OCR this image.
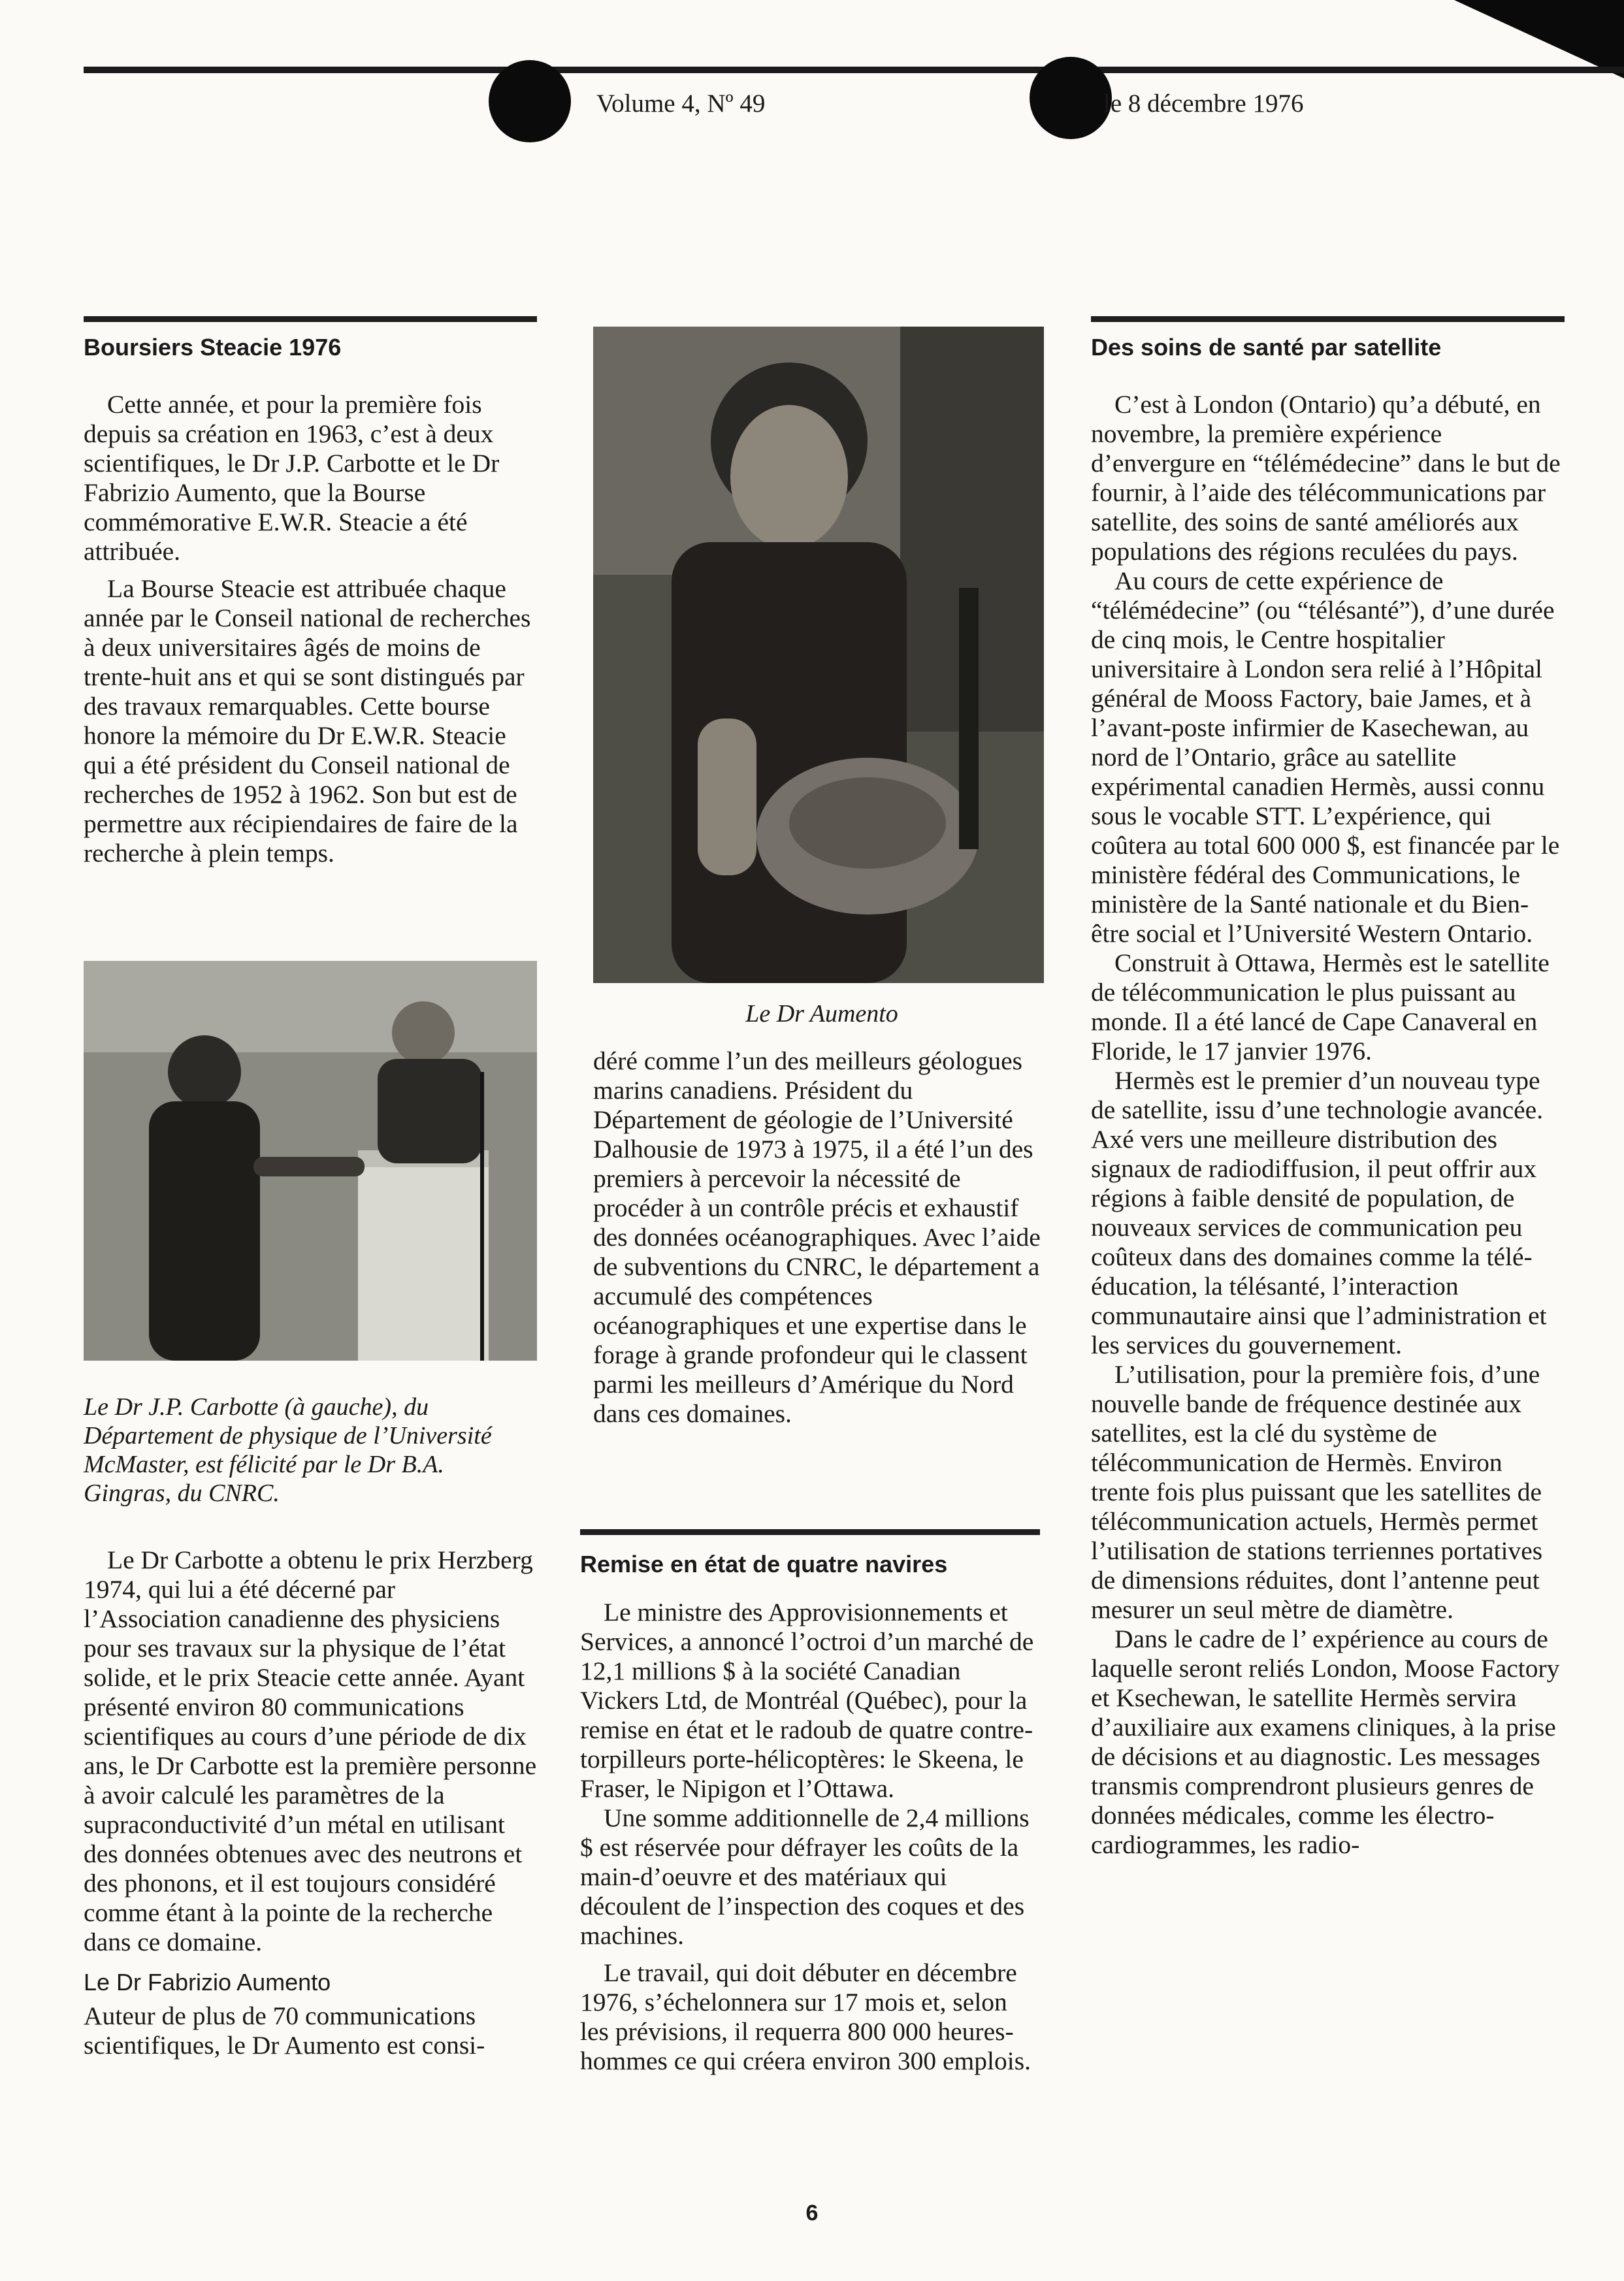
Volume 4, Nº 49	le 8 décembre 1976
Boursiers Steacie 1976

Cette année, et pour la première fois depuis sa création en 1963, c’est à deux scientifiques, le Dr J.P. Carbotte et le Dr Fabrizio Aumento, que la Bourse commémorative E.W.R. Steacie a été attribuée.

La Bourse Steacie est attribuée chaque année par le Conseil national de recherches à deux universitaires âgés de moins de trente-huit ans et qui se sont distingués par des travaux remarquables. Cette bourse honore la mémoire du Dr E.W.R. Steacie qui a été président du Conseil national de recherches de 1952 à 1962. Son but est de permettre aux récipiendaires de faire de la recherche à plein temps.

Le Dr J.P. Carbotte (à gauche), du Département de physique de l’Université McMaster, est félicité par le Dr B.A. Gingras, du CNRC.

Le Dr Carbotte a obtenu le prix Herzberg 1974, qui lui a été décerné par l’Association canadienne des physiciens pour ses travaux sur la physique de l’état solide, et le prix Steacie cette année. Ayant présenté environ 80 communications scientifiques au cours d’une période de dix ans, le Dr Carbotte est la première personne à avoir calculé les paramètres de la supraconductivité d’un métal en utilisant des données obtenues avec des neutrons et des phonons, et il est toujours considéré comme étant à la pointe de la recherche dans ce domaine.

Le Dr Fabrizio Aumento

Auteur de plus de 70 communications scientifiques, le Dr Aumento est consi-

Le Dr Aumento

déré comme l’un des meilleurs géologues marins canadiens. Président du Département de géologie de l’Université Dalhousie de 1973 à 1975, il a été l’un des premiers à percevoir la nécessité de procéder à un contrôle précis et exhaustif des données océanographiques. Avec l’aide de subventions du CNRC, le département a accumulé des compétences océanographiques et une expertise dans le forage à grande profondeur qui le classent parmi les meilleurs d’Amérique du Nord dans ces domaines.

Remise en état de quatre navires

Le ministre des Approvisionnements et Services, a annoncé l’octroi d’un marché de 12,1 millions $ à la société Canadian Vickers Ltd, de Montréal (Québec), pour la remise en état et le radoub de quatre contre-torpilleurs porte-hélicoptères: le Skeena, le Fraser, le Nipigon et l’Ottawa.

Une somme additionnelle de 2,4 millions $ est réservée pour défrayer les coûts de la main-d’oeuvre et des matériaux qui découlent de l’inspection des coques et des machines.

Le travail, qui doit débuter en décembre 1976, s’échelonnera sur 17 mois et, selon les prévisions, il requerra 800 000 heures-hommes ce qui créera environ 300 emplois.

Des soins de santé par satellite

C’est à London (Ontario) qu’a débuté, en novembre, la première expérience d’envergure en “télémédecine” dans le but de fournir, à l’aide des télécommunications par satellite, des soins de santé améliorés aux populations des régions reculées du pays.

Au cours de cette expérience de “télémédecine” (ou “télésanté”), d’une durée de cinq mois, le Centre hospitalier universitaire à London sera relié à l’Hôpital général de Mooss Factory, baie James, et à l’avant-poste infirmier de Kasechewan, au nord de l’Ontario, grâce au satellite expérimental canadien Hermès, aussi connu sous le vocable STT. L’expérience, qui coûtera au total 600 000 $, est financée par le ministère fédéral des Communications, le ministère de la Santé nationale et du Bien-être social et l’Université Western Ontario.

Construit à Ottawa, Hermès est le satellite de télécommunication le plus puissant au monde. Il a été lancé de Cape Canaveral en Floride, le 17 janvier 1976.

Hermès est le premier d’un nouveau type de satellite, issu d’une technologie avancée. Axé vers une meilleure distribution des signaux de radiodiffusion, il peut offrir aux régions à faible densité de population, de nouveaux services de communication peu coûteux dans des domaines comme la télé-éducation, la télésanté, l’interaction communautaire ainsi que l’administration et les services du gouvernement.

L’utilisation, pour la première fois, d’une nouvelle bande de fréquence destinée aux satellites, est la clé du système de télécommunication de Hermès. Environ trente fois plus puissant que les satellites de télécommunication actuels, Hermès permet l’utilisation de stations terriennes portatives de dimensions réduites, dont l’antenne peut mesurer un seul mètre de diamètre.

Dans le cadre de l’ expérience au cours de laquelle seront reliés London, Moose Factory et Ksechewan, le satellite Hermès servira d’auxiliaire aux examens cliniques, à la prise de décisions et au diagnostic. Les messages transmis comprendront plusieurs genres de données médicales, comme les électro-cardiogrammes, les radio-

6
